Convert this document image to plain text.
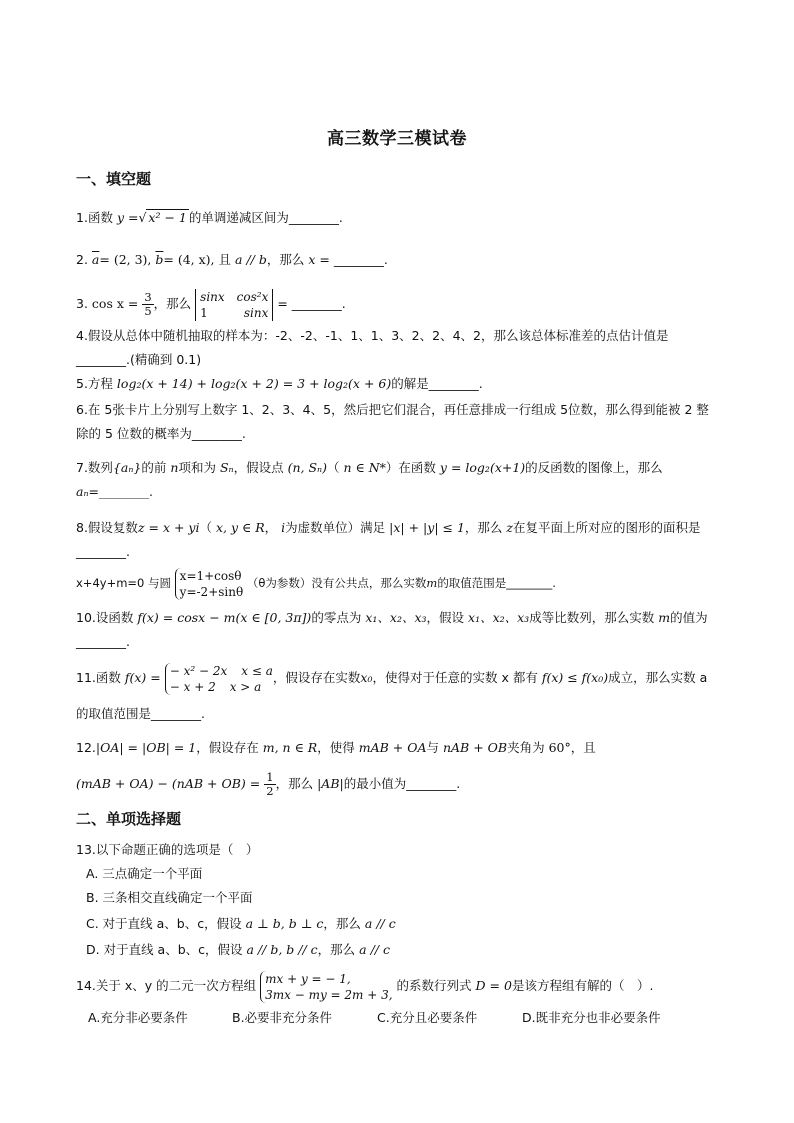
高三数学三模试卷
一、填空题
1.函数 y =√ x² − 1 的单调递减区间为________.
2. $\overline{a}= (2$, 3), $\overline{b}= (4$, x), 且 a // b，那么 x = ________.
3. $\cos x = \frac{3}{5}$ ，那么 sinx cos²x
1	sinx
= ________.
4.假设从总体中随机抽取的样本为：-2、-2、-1、1、1、3、2、2、4、2，那么该总体标准差的点估计值是________.(精确到 0.1)
5.方程 log₂(x + 14) + log₂(x + 2) = 3 + log₂(x + 6)的解是________.
6.在 5张卡片上分别写上数字 1、2、3、4、5，然后把它们混合，再任意排成一行组成 5位数，那么得到能被 2 整除的 5 位数的概率为________.
7.数列{aₙ}的前 n项和为 Sₙ，假设点 (n, Sₙ)（ n ∈ N*）在函数 y = log₂(x+1)的反函数的图像上，那么 aₙ=________.
8.假设复数z = x + yi（ x, y ∈ R， i为虚数单位）满足 |x| + |y| ≤ 1，那么 z在复平面上所对应的图形的面积是________.
x+4y+m=0 与圆
x=1+cosθ
y=-2+sinθ
（θ为参数）没有公共点，那么实数m的取值范围是________.
10.设函数 f(x) = cosx − m(x ∈ [0, 3π])的零点为 x₁、x₂、x₃，假设 x₁、x₂、x₃成等比数列，那么实数 m的值为________.
11.函数 f(x) = − x² − 2x x ≤ a
− x + 2 x > a
，假设存在实数x₀，使得对于任意的实数 x 都有 f(x) ≤ f(x₀)成立，那么实数 a 的取值范围是________.
12.|OA| = |OB| = 1，假设存在 m, n ∈ R，使得 mAB + OA与 nAB + OB夹角为 60°，且
$(mAB + OA) - (nAB + OB) = \frac{1}{2}$ ，那么 |AB|的最小值为________.
二、单项选择题
13.以下命题正确的选项是（　）
A. 三点确定一个平面
B. 三条相交直线确定一个平面
C. 对于直线 a、b、c，假设 a ⊥ b, b ⊥ c，那么 a // c
D. 对于直线 a、b、c，假设 a // b, b // c，那么 a // c
14.关于 x、y 的二元一次方程组 mx + y = − 1,
3mx − my = 2m + 3,
的系数行列式 D = 0是该方程组有解的（　）.
A.充分非必要条件	B.必要非充分条件	C.充分且必要条件	D.既非充分也非必要条件
